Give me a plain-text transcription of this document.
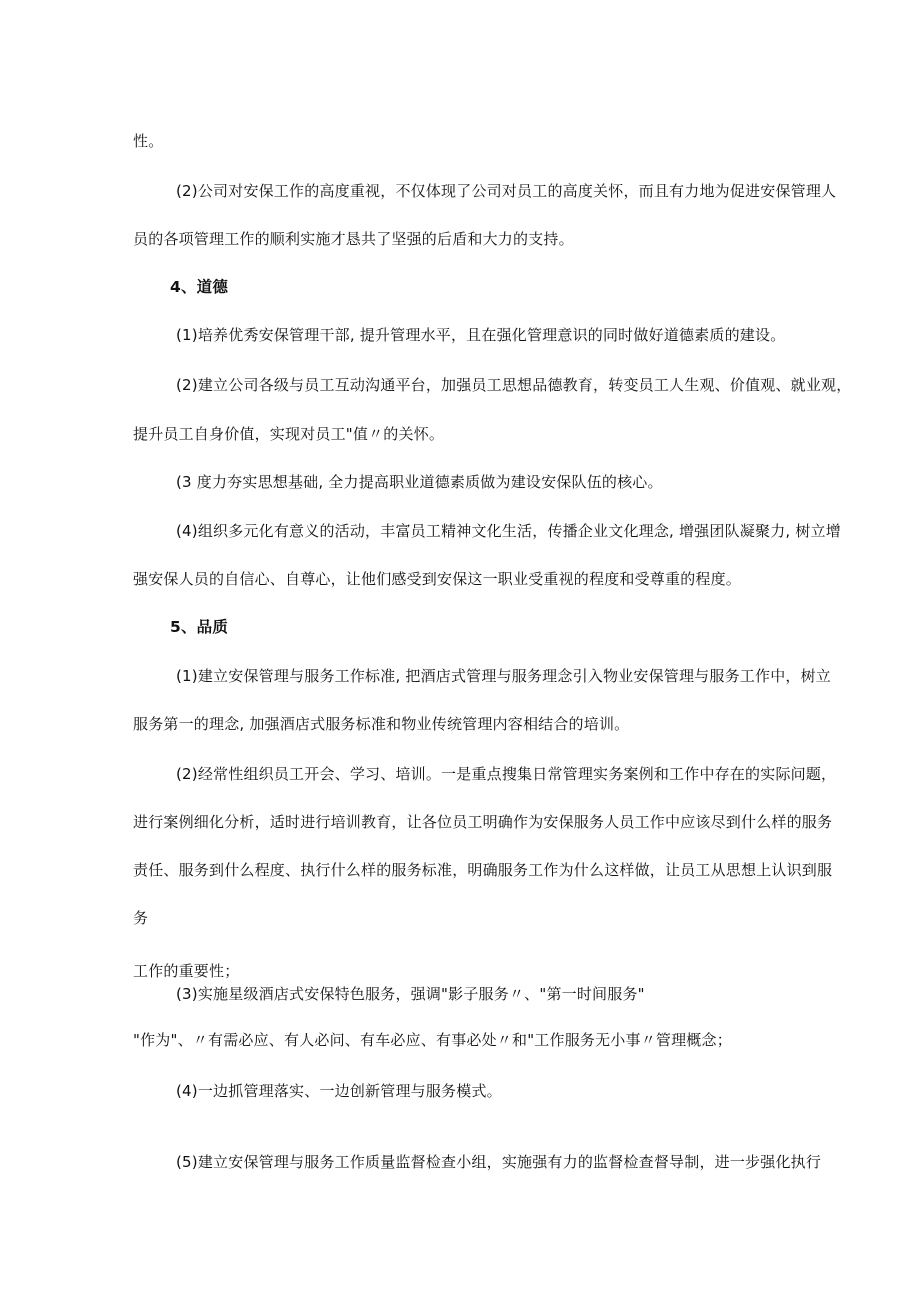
性。
(2)公司对安保工作的高度重视，不仅体现了公司对员工的高度关怀，而且有力地为促进安保管理人
员的各项管理工作的顺利实施才恳共了坚强的后盾和大力的支持。
4、道德
(1)培养优秀安保管理干部, 提升管理水平，且在强化管理意识的同时做好道德素质的建设。
(2)建立公司各级与员工互动沟通平台，加强员工思想品德教育，转变员工人生观、价值观、就业观，
提升员工自身价值，实现对员工"值〃的关怀。
(3 度力夯实思想基础, 全力提高职业道德素质做为建设安保队伍的核心。
(4)组织多元化有意义的活动，丰富员工精神文化生活，传播企业文化理念, 增强团队凝聚力, 树立增
强安保人员的自信心、自尊心，让他们感受到安保这一职业受重视的程度和受尊重的程度。
5、品质
(1)建立安保管理与服务工作标准, 把酒店式管理与服务理念引入物业安保管理与服务工作中，树立
服务第一的理念, 加强酒店式服务标准和物业传统管理内容相结合的培训。
(2)经常性组织员工开会、学习、培训。一是重点搜集日常管理实务案例和工作中存在的实际问题，
进行案例细化分析，适时进行培训教育，让各位员工明确作为安保服务人员工作中应该尽到什么样的服务
责任、服务到什么程度、执行什么样的服务标准，明确服务工作为什么这样做，让员工从思想上认识到服
务
工作的重要性；
(3)实施星级酒店式安保特色服务，强调"影子服务〃、"第一时间服务"
"作为"、〃有需必应、有人必问、有车必应、有事必处〃和"工作服务无小事〃管理概念；
(4)一边抓管理落实、一边创新管理与服务模式。
(5)建立安保管理与服务工作质量监督检查小组，实施强有力的监督检查督导制，进一步强化执行
